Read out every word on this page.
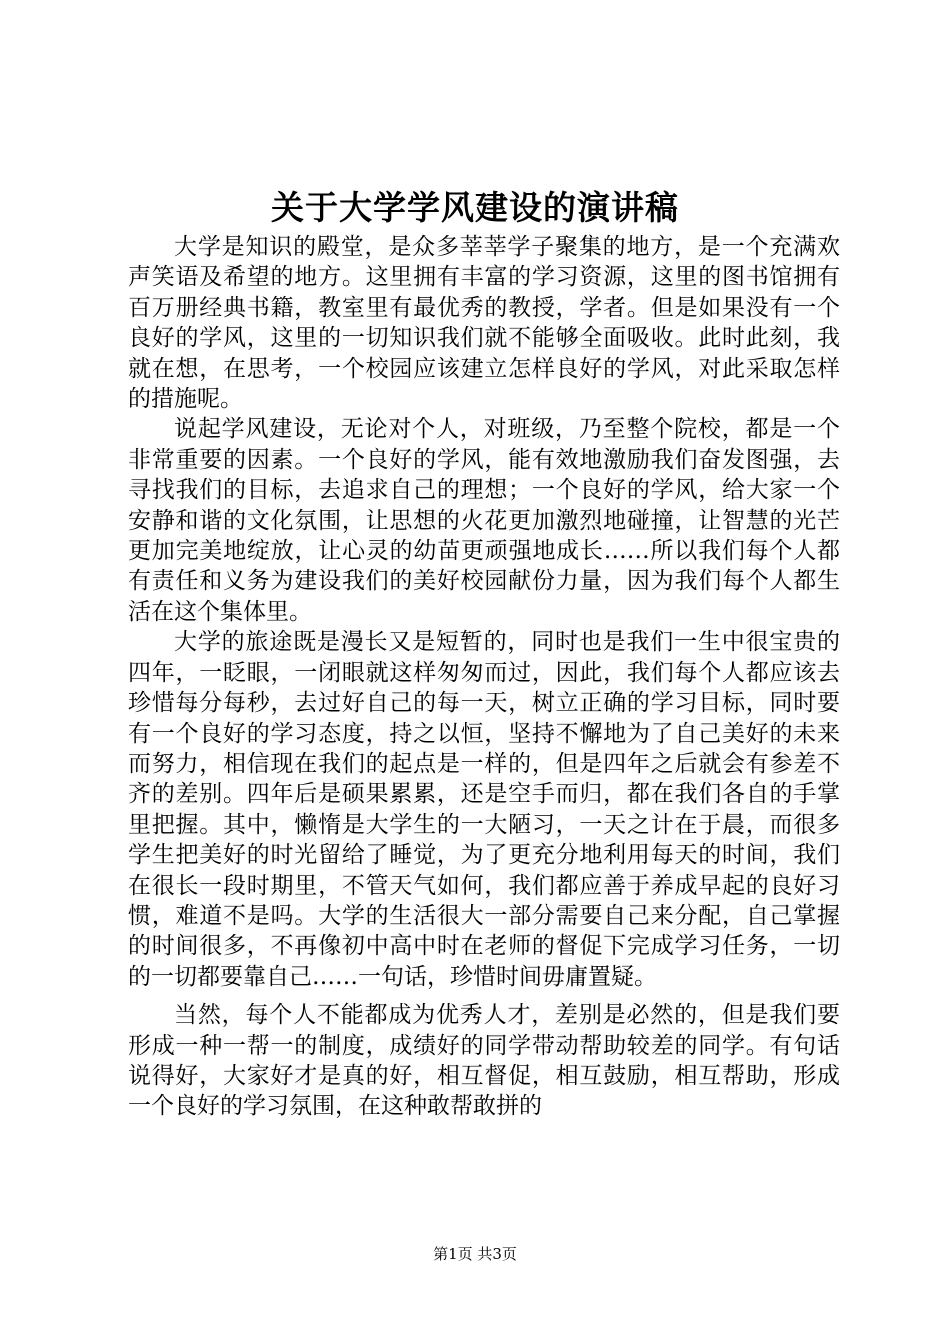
关于大学学风建设的演讲稿

大学是知识的殿堂，是众多莘莘学子聚集的地方，是一个充满欢声笑语及希望的地方。这里拥有丰富的学习资源，这里的图书馆拥有百万册经典书籍，教室里有最优秀的教授，学者。但是如果没有一个良好的学风，这里的一切知识我们就不能够全面吸收。此时此刻，我就在想，在思考，一个校园应该建立怎样良好的学风，对此采取怎样的措施呢。

说起学风建设，无论对个人，对班级，乃至整个院校，都是一个非常重要的因素。一个良好的学风，能有效地激励我们奋发图强，去寻找我们的目标，去追求自己的理想；一个良好的学风，给大家一个安静和谐的文化氛围，让思想的火花更加激烈地碰撞，让智慧的光芒更加完美地绽放，让心灵的幼苗更顽强地成长……所以我们每个人都有责任和义务为建设我们的美好校园献份力量，因为我们每个人都生活在这个集体里。

大学的旅途既是漫长又是短暂的，同时也是我们一生中很宝贵的四年，一眨眼，一闭眼就这样匆匆而过，因此，我们每个人都应该去珍惜每分每秒，去过好自己的每一天，树立正确的学习目标，同时要有一个良好的学习态度，持之以恒，坚持不懈地为了自己美好的未来而努力，相信现在我们的起点是一样的，但是四年之后就会有参差不齐的差别。四年后是硕果累累，还是空手而归，都在我们各自的手掌里把握。其中，懒惰是大学生的一大陋习，一天之计在于晨，而很多学生把美好的时光留给了睡觉，为了更充分地利用每天的时间，我们在很长一段时期里，不管天气如何，我们都应善于养成早起的良好习惯，难道不是吗。大学的生活很大一部分需要自己来分配，自己掌握的时间很多，不再像初中高中时在老师的督促下完成学习任务，一切的一切都要靠自己……一句话，珍惜时间毋庸置疑。

当然，每个人不能都成为优秀人才，差别是必然的，但是我们要形成一种一帮一的制度，成绩好的同学带动帮助较差的同学。有句话说得好，大家好才是真的好，相互督促，相互鼓励，相互帮助，形成一个良好的学习氛围，在这种敢帮敢拼的

第1页 共3页
